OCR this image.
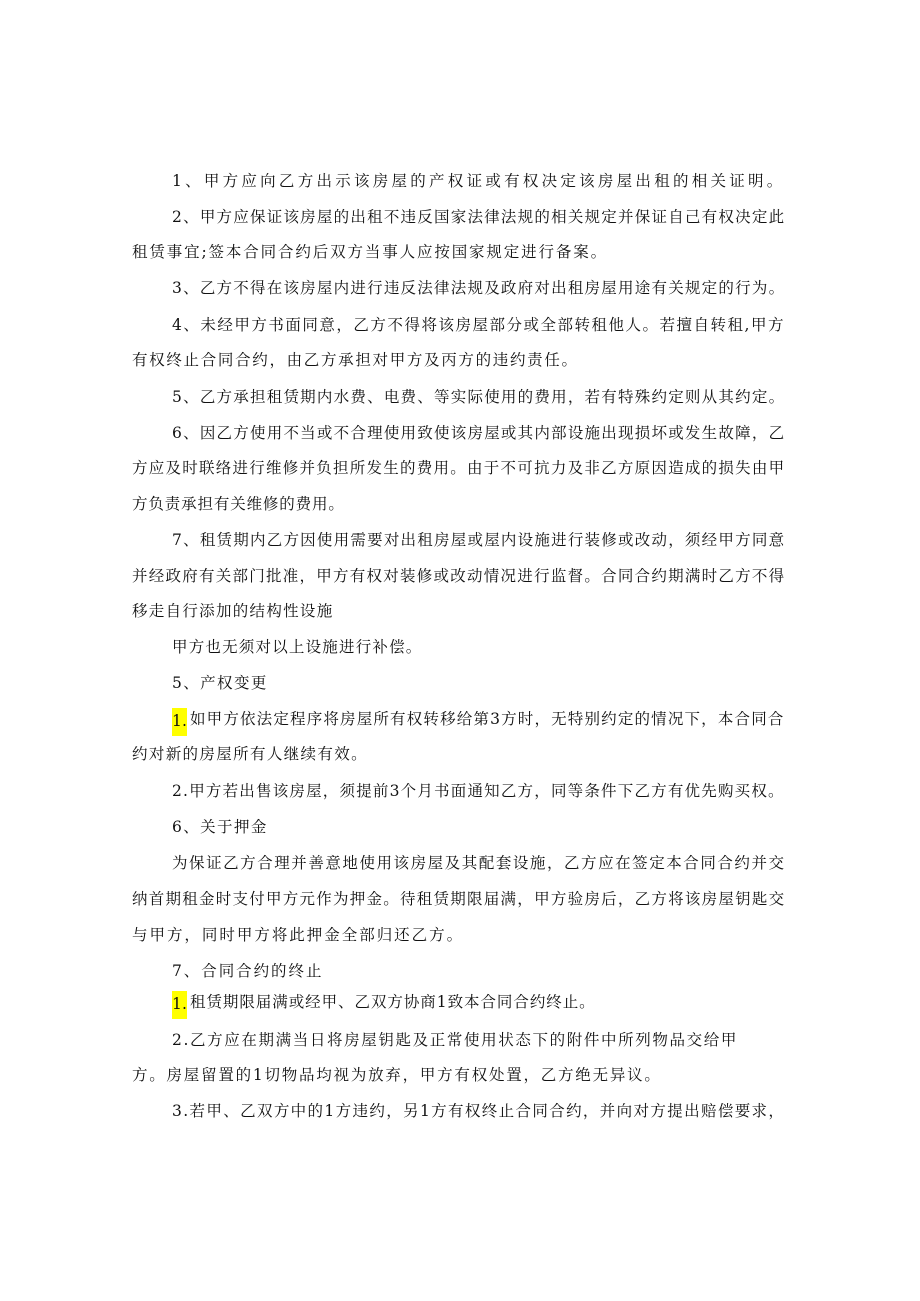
1、甲方应向乙方出示该房屋的产权证或有权决定该房屋出租的相关证明。
2、甲方应保证该房屋的出租不违反国家法律法规的相关规定并保证自己有权决定此
租赁事宜;签本合同合约后双方当事人应按国家规定进行备案。
3、乙方不得在该房屋内进行违反法律法规及政府对出租房屋用途有关规定的行为。
4、未经甲方书面同意，乙方不得将该房屋部分或全部转租他人。若擅自转租,甲方
有权终止合同合约，由乙方承担对甲方及丙方的违约责任。
5、乙方承担租赁期内水费、电费、等实际使用的费用，若有特殊约定则从其约定。
6、因乙方使用不当或不合理使用致使该房屋或其内部设施出现损坏或发生故障，乙
方应及时联络进行维修并负担所发生的费用。由于不可抗力及非乙方原因造成的损失由甲
方负责承担有关维修的费用。
7、租赁期内乙方因使用需要对出租房屋或屋内设施进行装修或改动，须经甲方同意
并经政府有关部门批准，甲方有权对装修或改动情况进行监督。合同合约期满时乙方不得
移走自行添加的结构性设施
甲方也无须对以上设施进行补偿。
5、产权变更
1. 如甲方依法定程序将房屋所有权转移给第3方时，无特别约定的情况下，本合同合
约对新的房屋所有人继续有效。
2.甲方若出售该房屋，须提前3个月书面通知乙方，同等条件下乙方有优先购买权。
6、关于押金
为保证乙方合理并善意地使用该房屋及其配套设施，乙方应在签定本合同合约并交
纳首期租金时支付甲方元作为押金。待租赁期限届满，甲方验房后，乙方将该房屋钥匙交
与甲方，同时甲方将此押金全部归还乙方。
7、合同合约的终止
1. 租赁期限届满或经甲、乙双方协商1致本合同合约终止。
2.乙方应在期满当日将房屋钥匙及正常使用状态下的附件中所列物品交给甲
方。房屋留置的1切物品均视为放弃，甲方有权处置，乙方绝无异议。
3.若甲、乙双方中的1方违约，另1方有权终止合同合约，并向对方提出赔偿要求，
